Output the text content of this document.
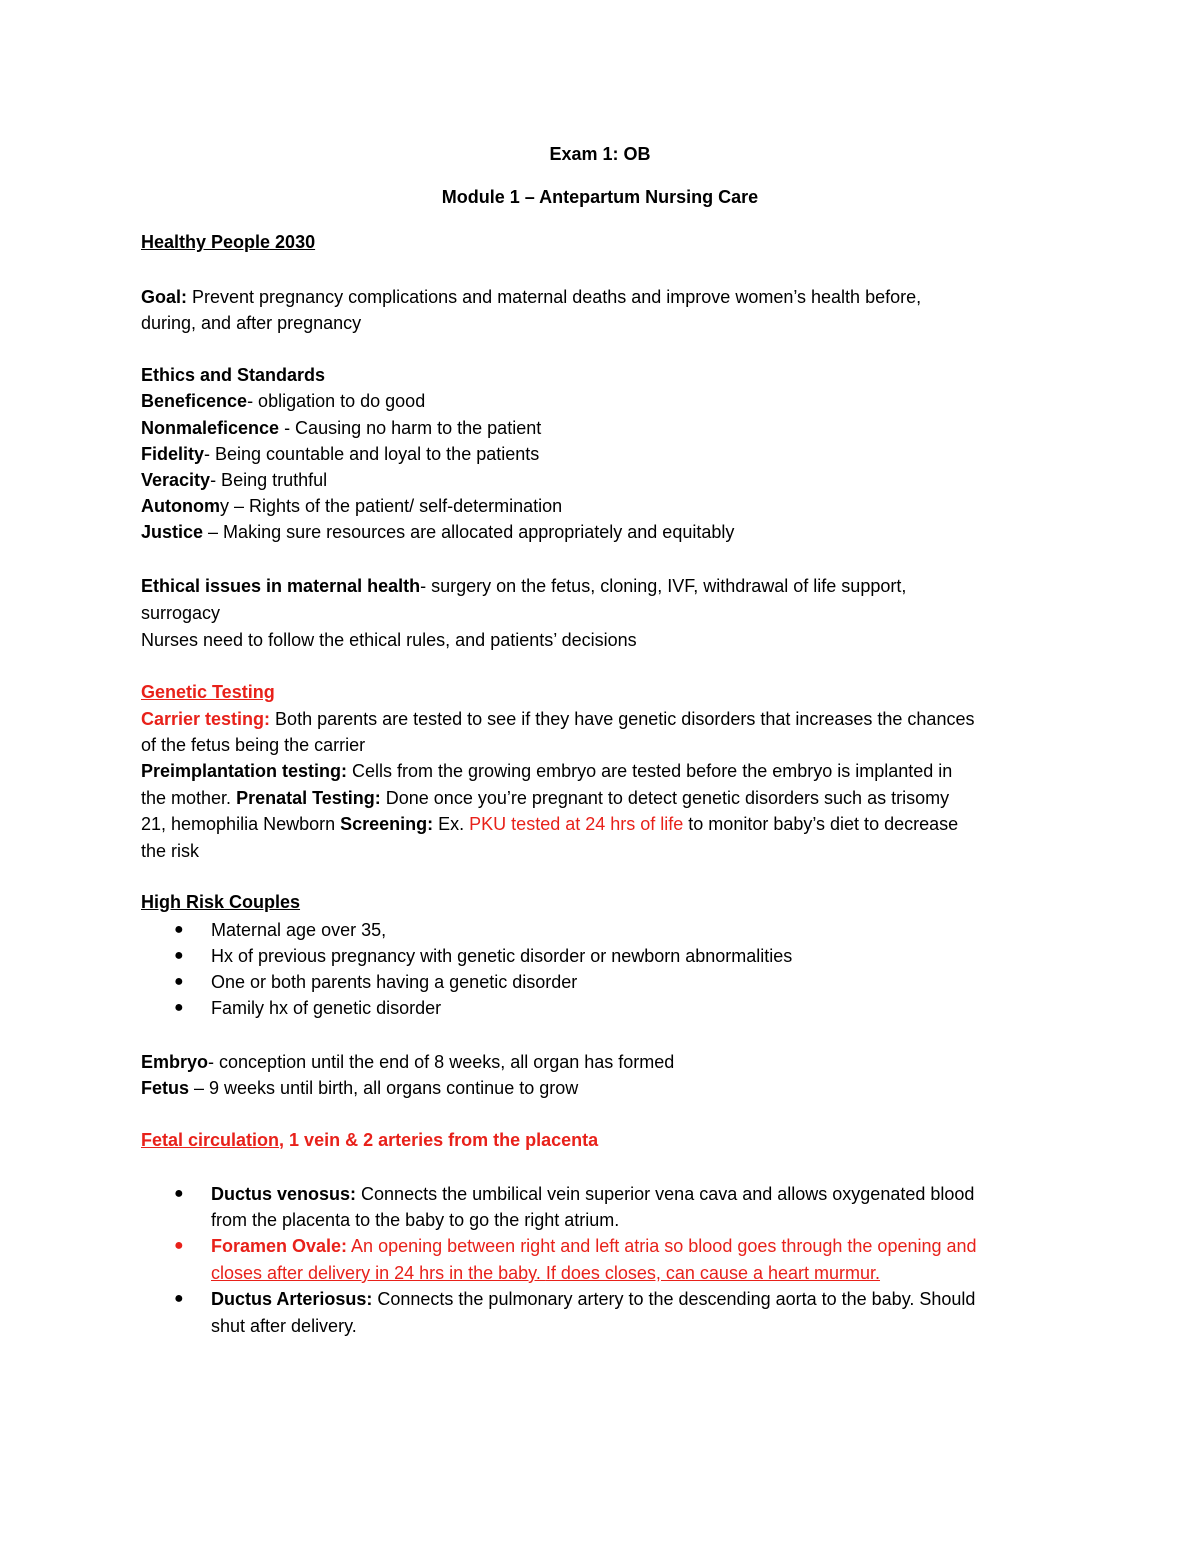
Exam 1: OB
Module 1 – Antepartum Nursing Care
Healthy People 2030
Goal: Prevent pregnancy complications and maternal deaths and improve women’s health before,
during, and after pregnancy
Ethics and Standards
Beneficence- obligation to do good
Nonmaleficence - Causing no harm to the patient
Fidelity- Being countable and loyal to the patients
Veracity- Being truthful
Autonomy – Rights of the patient/ self-determination
Justice – Making sure resources are allocated appropriately and equitably
Ethical issues in maternal health- surgery on the fetus, cloning, IVF, withdrawal of life support,
surrogacy
Nurses need to follow the ethical rules, and patients’ decisions
Genetic Testing
Carrier testing: Both parents are tested to see if they have genetic disorders that increases the chances
of the fetus being the carrier
Preimplantation testing: Cells from the growing embryo are tested before the embryo is implanted in
the mother. Prenatal Testing: Done once you’re pregnant to detect genetic disorders such as trisomy
21, hemophilia Newborn Screening: Ex. PKU tested at 24 hrs of life to monitor baby’s diet to decrease
the risk
High Risk Couples
● Maternal age over 35,
● Hx of previous pregnancy with genetic disorder or newborn abnormalities
● One or both parents having a genetic disorder
● Family hx of genetic disorder
Embryo- conception until the end of 8 weeks, all organ has formed
Fetus – 9 weeks until birth, all organs continue to grow
Fetal circulation, 1 vein & 2 arteries from the placenta
● Ductus venosus: Connects the umbilical vein superior vena cava and allows oxygenated blood
from the placenta to the baby to go the right atrium.
● Foramen Ovale: An opening between right and left atria so blood goes through the opening and
closes after delivery in 24 hrs in the baby. If does closes, can cause a heart murmur.
● Ductus Arteriosus: Connects the pulmonary artery to the descending aorta to the baby. Should
shut after delivery.
